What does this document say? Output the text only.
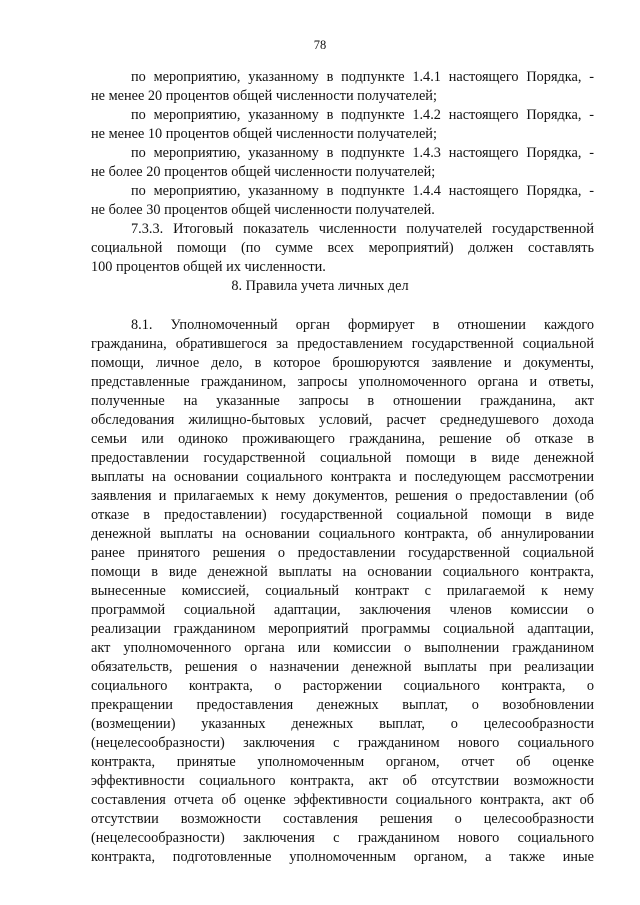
78
по мероприятию, указанному в подпункте 1.4.1 настоящего Порядка, -
не менее 20 процентов общей численности получателей;
по мероприятию, указанному в подпункте 1.4.2 настоящего Порядка, -
не менее 10 процентов общей численности получателей;
по мероприятию, указанному в подпункте 1.4.3 настоящего Порядка, -
не более 20 процентов общей численности получателей;
по мероприятию, указанному в подпункте 1.4.4 настоящего Порядка, -
не более 30 процентов общей численности получателей.
7.3.3. Итоговый показатель численности получателей государственной
социальной помощи (по сумме всех мероприятий) должен составлять
100 процентов общей их численности.
8. Правила учета личных дел
8.1. Уполномоченный орган формирует в отношении каждого
гражданина, обратившегося за предоставлением государственной социальной
помощи, личное дело, в которое брошюруются заявление и документы,
представленные гражданином, запросы уполномоченного органа и ответы,
полученные на указанные запросы в отношении гражданина, акт
обследования жилищно-бытовых условий, расчет среднедушевого дохода
семьи или одиноко проживающего гражданина, решение об отказе в
предоставлении государственной социальной помощи в виде денежной
выплаты на основании социального контракта и последующем рассмотрении
заявления и прилагаемых к нему документов, решения о предоставлении (об
отказе в предоставлении) государственной социальной помощи в виде
денежной выплаты на основании социального контракта, об аннулировании
ранее принятого решения о предоставлении государственной социальной
помощи в виде денежной выплаты на основании социального контракта,
вынесенные комиссией, социальный контракт с прилагаемой к нему
программой социальной адаптации, заключения членов комиссии о
реализации гражданином мероприятий программы социальной адаптации,
акт уполномоченного органа или комиссии о выполнении гражданином
обязательств, решения о назначении денежной выплаты при реализации
социального контракта, о расторжении социального контракта, о
прекращении предоставления денежных выплат, о возобновлении
(возмещении) указанных денежных выплат, о целесообразности
(нецелесообразности) заключения с гражданином нового социального
контракта, принятые уполномоченным органом, отчет об оценке
эффективности социального контракта, акт об отсутствии возможности
составления отчета об оценке эффективности социального контракта, акт об
отсутствии возможности составления решения о целесообразности
(нецелесообразности) заключения с гражданином нового социального
контракта, подготовленные уполномоченным органом, а также иные
